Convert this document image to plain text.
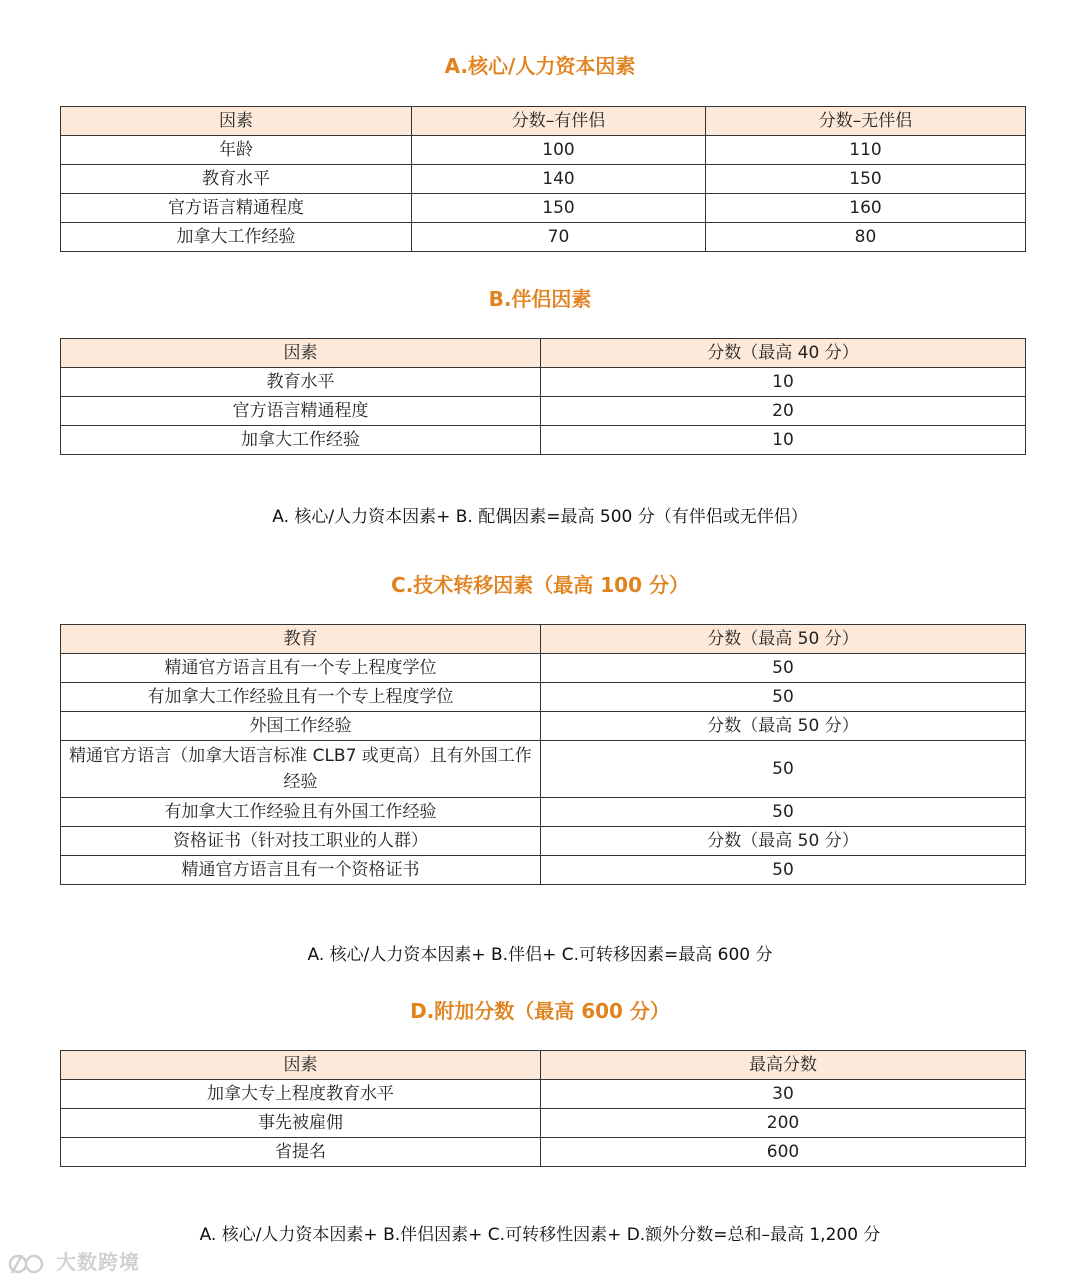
A.核心/人力资本因素
因素	分数–有伴侣	分数–无伴侣
年龄	100	110
教育水平	140	150
官方语言精通程度	150	160
加拿大工作经验	70	80
B.伴侣因素
因素	分数（最高 40 分）
教育水平	10
官方语言精通程度	20
加拿大工作经验	10
A. 核心/人力资本因素+ B. 配偶因素=最高 500 分（有伴侣或无伴侣）
C.技术转移因素（最高 100 分）
教育	分数（最高 50 分）
精通官方语言且有一个专上程度学位	50
有加拿大工作经验且有一个专上程度学位	50
外国工作经验	分数（最高 50 分）
精通官方语言（加拿大语言标准 CLB7 或更高）且有外国工作经验	50
有加拿大工作经验且有外国工作经验	50
资格证书（针对技工职业的人群）	分数（最高 50 分）
精通官方语言且有一个资格证书	50
A. 核心/人力资本因素+ B.伴侣+ C.可转移因素=最高 600 分
D.附加分数（最高 600 分）
因素	最高分数
加拿大专上程度教育水平	30
事先被雇佣	200
省提名	600
A. 核心/人力资本因素+ B.伴侣因素+ C.可转移性因素+ D.额外分数=总和–最高 1,200 分
大数跨境
